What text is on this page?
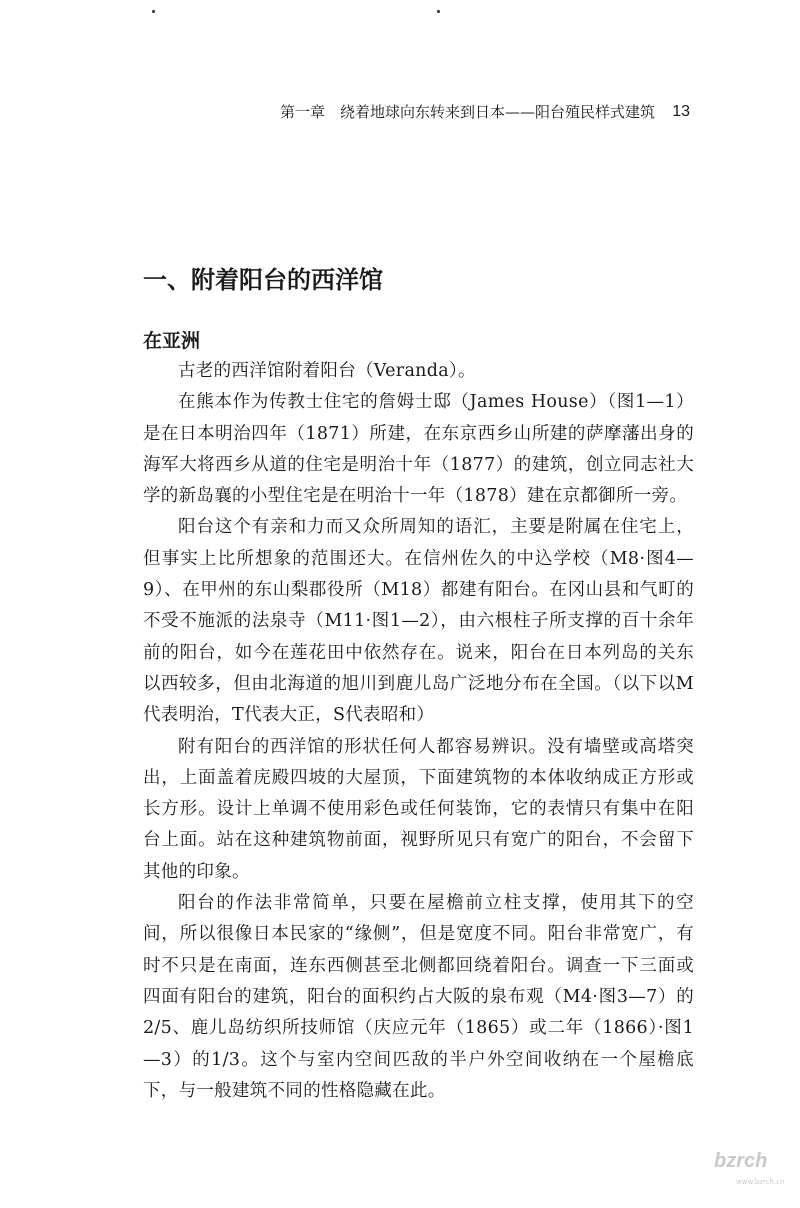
第一章　绕着地球向东转来到日本——阳台殖民样式建筑 13
一、附着阳台的西洋馆
在亚洲

古老的西洋馆附着阳台（Veranda）。

在熊本作为传教士住宅的詹姆士邸（James House）（图1—1）是在日本明治四年（1871）所建，在东京西乡山所建的萨摩藩出身的海军大将西乡从道的住宅是明治十年（1877）的建筑，创立同志社大学的新岛襄的小型住宅是在明治十一年（1878）建在京都御所一旁。

阳台这个有亲和力而又众所周知的语汇，主要是附属在住宅上，但事实上比所想象的范围还大。在信州佐久的中込学校（M8·图4—9）、在甲州的东山梨郡役所（M18）都建有阳台。在冈山县和气町的不受不施派的法泉寺（M11·图1—2），由六根柱子所支撑的百十余年前的阳台，如今在莲花田中依然存在。说来，阳台在日本列岛的关东以西较多，但由北海道的旭川到鹿儿岛广泛地分布在全国。（以下以M代表明治，T代表大正，S代表昭和）

附有阳台的西洋馆的形状任何人都容易辨识。没有墙壁或高塔突出，上面盖着庑殿四坡的大屋顶，下面建筑物的本体收纳成正方形或长方形。设计上单调不使用彩色或任何装饰，它的表情只有集中在阳台上面。站在这种建筑物前面，视野所见只有宽广的阳台，不会留下其他的印象。

阳台的作法非常简单，只要在屋檐前立柱支撑，使用其下的空间，所以很像日本民家的“缘侧”，但是宽度不同。阳台非常宽广，有时不只是在南面，连东西侧甚至北侧都回绕着阳台。调查一下三面或四面有阳台的建筑，阳台的面积约占大阪的泉布观（M4·图3—7）的2/5、鹿儿岛纺织所技师馆（庆应元年（1865）或二年（1866）·图1—3）的1/3。这个与室内空间匹敌的半户外空间收纳在一个屋檐底下，与一般建筑不同的性格隐藏在此。

bzrch
www.bzrch.cn
